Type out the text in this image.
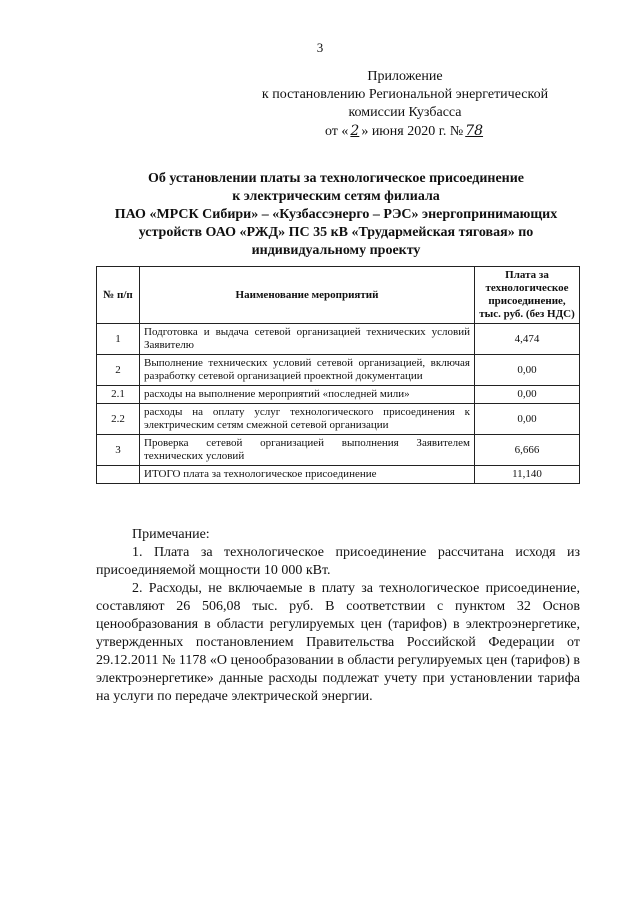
3
Приложение
к постановлению Региональной энергетической
комиссии Кузбасса
от « 2 » июня 2020 г. № 78
Об установлении платы за технологическое присоединение
к электрическим сетям филиала
ПАО «МРСК Сибири» – «Кузбассэнерго – РЭС» энергопринимающих
устройств ОАО «РЖД» ПС 35 кВ «Трудармейская тяговая» по
индивидуальному проекту
№ п/п	Наименование мероприятий	Плата за технологическое присоединение, тыс. руб. (без НДС)
1	Подготовка и выдача сетевой организацией технических условий Заявителю	4,474
2	Выполнение технических условий сетевой организацией, включая разработку сетевой организацией проектной документации	0,00
2.1	расходы на выполнение мероприятий «последней мили»	0,00
2.2	расходы на оплату услуг технологического присоединения к электрическим сетям смежной сетевой организации	0,00
3	Проверка сетевой организацией выполнения Заявителем технических условий	6,666
	ИТОГО плата за технологическое присоединение	11,140
Примечание:

1. Плата за технологическое присоединение рассчитана исходя из присоединяемой мощности 10 000 кВт.

2. Расходы, не включаемые в плату за технологическое присоединение, составляют 26 506,08 тыс. руб. В соответствии с пунктом 32 Основ ценообразования в области регулируемых цен (тарифов) в электроэнергетике, утвержденных постановлением Правительства Российской Федерации от 29.12.2011 № 1178 «О ценообразовании в области регулируемых цен (тарифов) в электроэнергетике» данные расходы подлежат учету при установлении тарифа на услуги по передаче электрической энергии.
